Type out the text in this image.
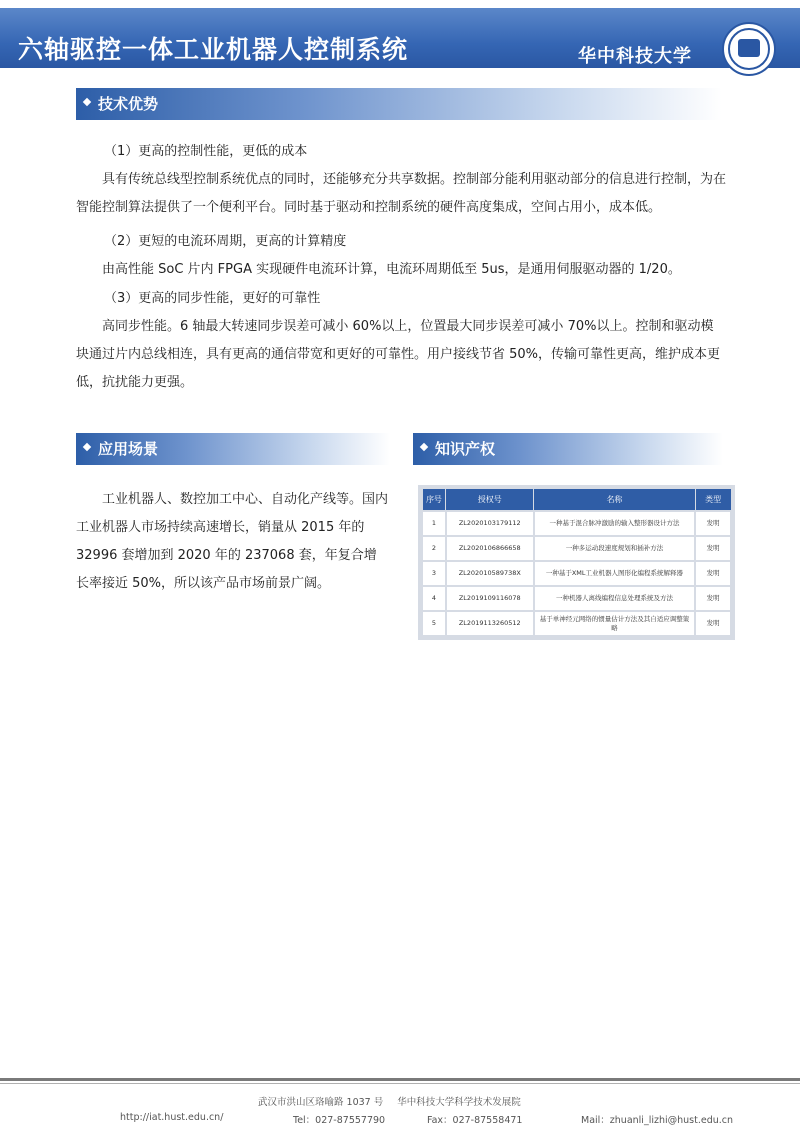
六轴驱控一体工业机器人控制系统	华中科技大学
技术优势
（1）更高的控制性能，更低的成本
具有传统总线型控制系统优点的同时，还能够充分共享数据。控制部分能利用驱动部分的信息进行控制，为在智能控制算法提供了一个便利平台。同时基于驱动和控制系统的硬件高度集成，空间占用小，成本低。
（2）更短的电流环周期，更高的计算精度
由高性能 SoC 片内 FPGA 实现硬件电流环计算，电流环周期低至 5us，是通用伺服驱动器的 1/20。
（3）更高的同步性能，更好的可靠性
高同步性能。6 轴最大转速同步误差可减小 60%以上，位置最大同步误差可减小 70%以上。控制和驱动模块通过片内总线相连，具有更高的通信带宽和更好的可靠性。用户接线节省 50%，传输可靠性更高，维护成本更低，抗扰能力更强。
应用场景
工业机器人、数控加工中心、自动化产线等。国内工业机器人市场持续高速增长，销量从 2015 年的 32996 套增加到 2020 年的 237068 套，年复合增长率接近 50%，所以该产品市场前景广阔。
知识产权
序号	授权号	名称	类型
1	ZL2020103179112	一种基于混合脉冲激励的输入整形器设计方法	发明
2	ZL2020106866658	一种多运动段速度规划和插补方法	发明
3	ZL202010589738X	一种基于XML工业机器人图形化编程系统解释器	发明
4	ZL2019109116078	一种机器人离线编程信息处理系统及方法	发明
5	ZL2019113260512	基于单神经元网络的惯量估计方法及其自适应调整策略	发明
武汉市洪山区珞喻路 1037 号 华中科技大学科学技术发展院
http://iat.hust.edu.cn/	Tel：027-87557790	Fax：027-87558471	Mail：zhuanli_lizhi@hust.edu.cn
